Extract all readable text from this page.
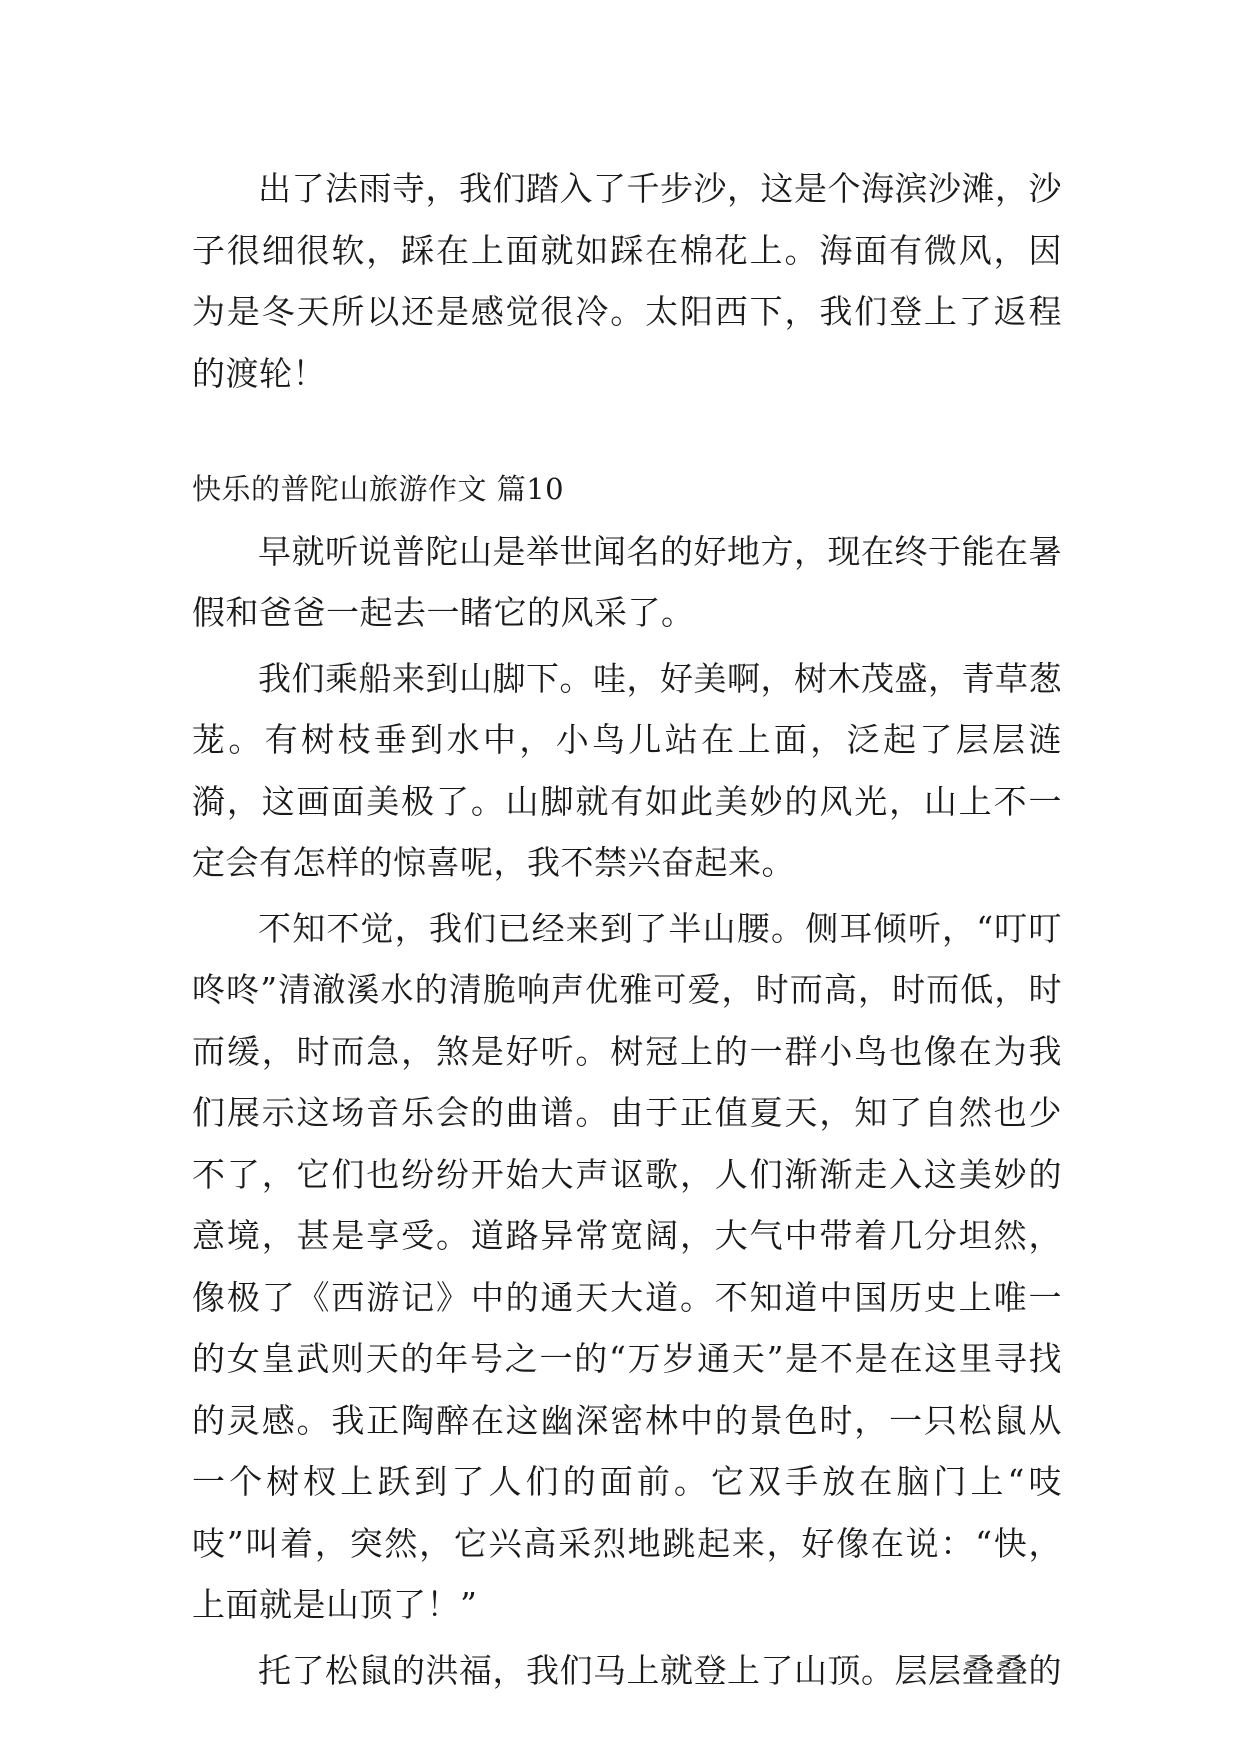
出了法雨寺，我们踏入了千步沙，这是个海滨沙滩，沙子很细很软，踩在上面就如踩在棉花上。海面有微风，因为是冬天所以还是感觉很冷。太阳西下，我们登上了返程的渡轮！

快乐的普陀山旅游作文 篇10

早就听说普陀山是举世闻名的好地方，现在终于能在暑假和爸爸一起去一睹它的风采了。

我们乘船来到山脚下。哇，好美啊，树木茂盛，青草葱茏。有树枝垂到水中，小鸟儿站在上面，泛起了层层涟漪，这画面美极了。山脚就有如此美妙的风光，山上不一定会有怎样的惊喜呢，我不禁兴奋起来。

不知不觉，我们已经来到了半山腰。侧耳倾听，“叮叮咚咚”清澈溪水的清脆响声优雅可爱，时而高，时而低，时而缓，时而急，煞是好听。树冠上的一群小鸟也像在为我们展示这场音乐会的曲谱。由于正值夏天，知了自然也少不了，它们也纷纷开始大声讴歌，人们渐渐走入这美妙的意境，甚是享受。道路异常宽阔，大气中带着几分坦然，像极了《西游记》中的通天大道。不知道中国历史上唯一的女皇武则天的年号之一的“万岁通天”是不是在这里寻找的灵感。我正陶醉在这幽深密林中的景色时，一只松鼠从一个树杈上跃到了人们的面前。它双手放在脑门上“吱吱”叫着，突然，它兴高采烈地跳起来，好像在说：“快，上面就是山顶了！”

托了松鼠的洪福，我们马上就登上了山顶。层层叠叠的
